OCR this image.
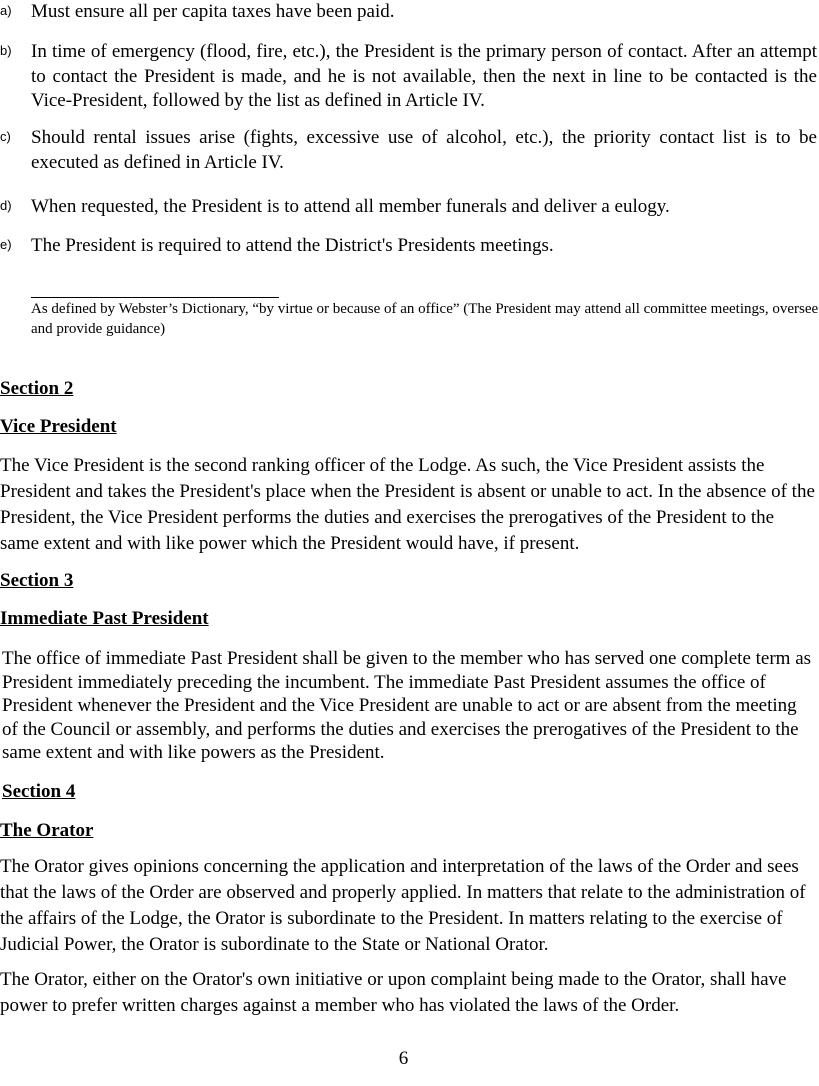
a) Must ensure all per capita taxes have been paid.
b) In time of emergency (flood, fire, etc.), the President is the primary person of contact. After an attempt to contact the President is made, and he is not available, then the next in line to be contacted is the Vice-President, followed by the list as defined in Article IV.
c) Should rental issues arise (fights, excessive use of alcohol, etc.), the priority contact list is to be executed as defined in Article IV.
d) When requested, the President is to attend all member funerals and deliver a eulogy.
e) The President is required to attend the District's Presidents meetings.
As defined by Webster’s Dictionary, “by virtue or because of an office” (The President may attend all committee meetings, oversee and provide guidance)
Section 2
Vice President
The Vice President is the second ranking officer of the Lodge. As such, the Vice President assists the President and takes the President's place when the President is absent or unable to act. In the absence of the President, the Vice President performs the duties and exercises the prerogatives of the President to the same extent and with like power which the President would have, if present.
Section 3
Immediate Past President
The office of immediate Past President shall be given to the member who has served one complete term as President immediately preceding the incumbent. The immediate Past President assumes the office of President whenever the President and the Vice President are unable to act or are absent from the meeting of the Council or assembly, and performs the duties and exercises the prerogatives of the President to the same extent and with like powers as the President.
Section 4
The Orator
The Orator gives opinions concerning the application and interpretation of the laws of the Order and sees that the laws of the Order are observed and properly applied. In matters that relate to the administration of the affairs of the Lodge, the Orator is subordinate to the President. In matters relating to the exercise of Judicial Power, the Orator is subordinate to the State or National Orator.
The Orator, either on the Orator's own initiative or upon complaint being made to the Orator, shall have power to prefer written charges against a member who has violated the laws of the Order.
6
